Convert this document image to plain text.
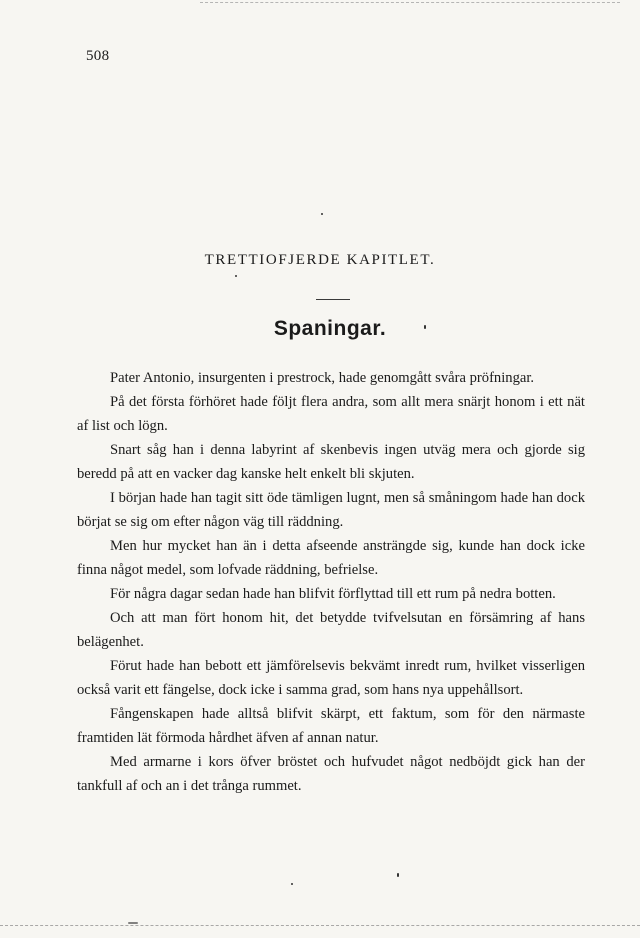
508
TRETTIOFJERDE KAPITLET.
Spaningar.

Pater Antonio, insurgenten i prestrock, hade genomgått svåra pröfningar.

På det första förhöret hade följt flera andra, som allt mera snärjt honom i ett nät af list och lögn.

Snart såg han i denna labyrint af skenbevis ingen utväg mera och gjorde sig beredd på att en vacker dag kanske helt enkelt bli skjuten.

I början hade han tagit sitt öde tämligen lugnt, men så småningom hade han dock börjat se sig om efter någon väg till räddning.

Men hur mycket han än i detta afseende ansträngde sig, kunde han dock icke finna något medel, som lofvade räddning, befrielse.

För några dagar sedan hade han blifvit förflyttad till ett rum på nedra botten.

Och att man fört honom hit, det betydde tvifvelsutan en försämring af hans belägenhet.

Förut hade han bebott ett jämförelsevis bekvämt inredt rum, hvilket visserligen också varit ett fängelse, dock icke i samma grad, som hans nya uppehållsort.

Fångenskapen hade alltså blifvit skärpt, ett faktum, som för den närmaste framtiden lät förmoda hårdhet äfven af annan natur.

Med armarne i kors öfver bröstet och hufvudet något nedböjdt gick han der tankfull af och an i det trånga rummet.
